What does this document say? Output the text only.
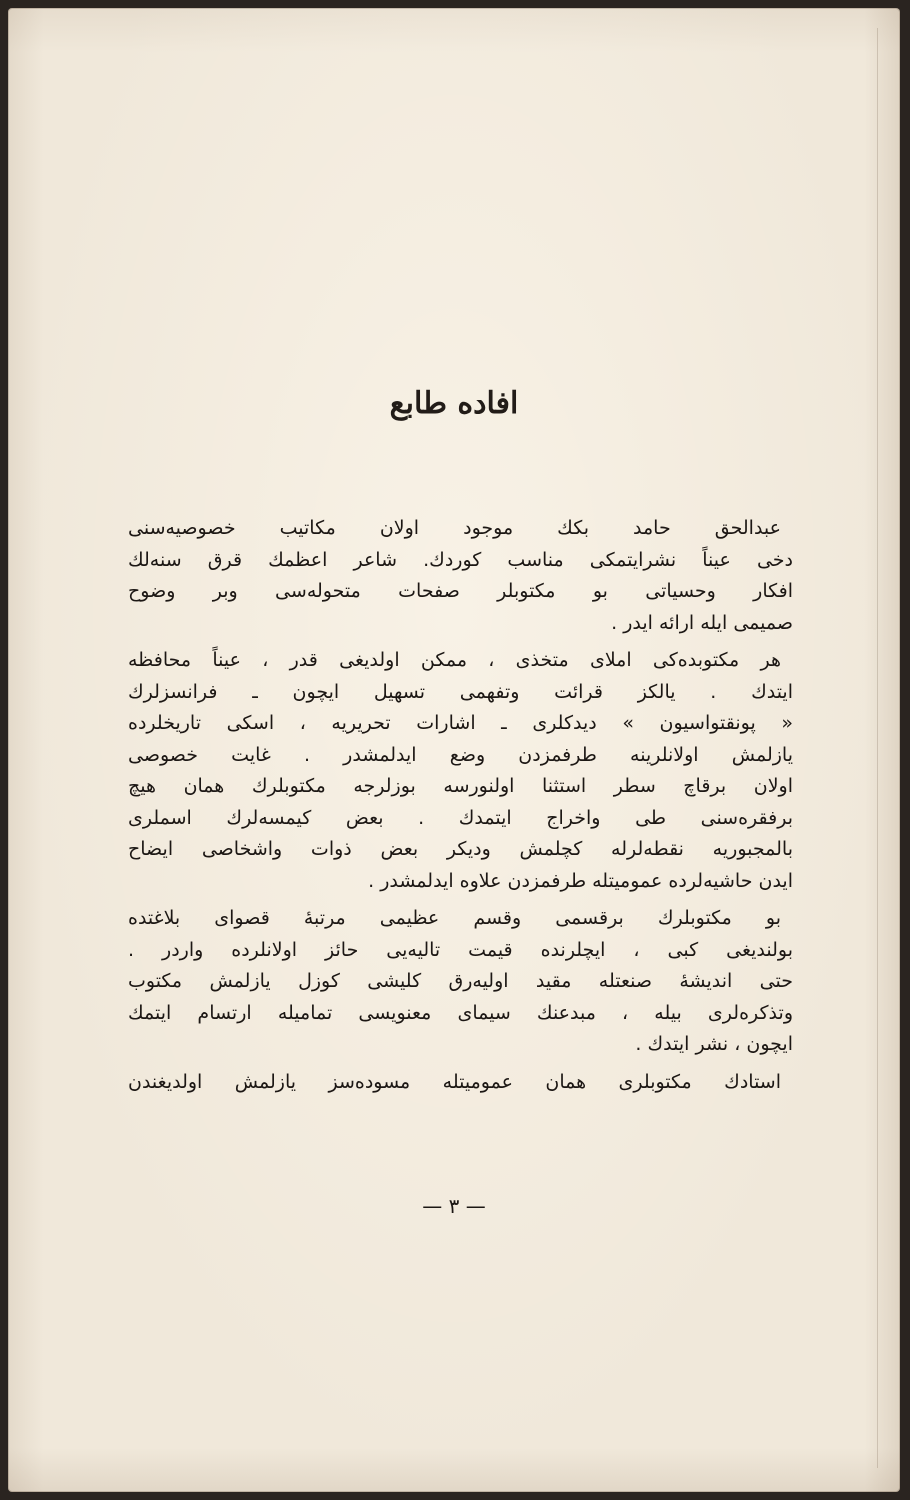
افاده طابع
عبدالحق حامد بكك موجود اولان مكاتيب خصوصيه‌سنى
دخى عيناً نشرايتمكى مناسب كوردك. شاعر اعظمك قرق سنه‌لك
افكار وحسياتى بو مكتوبلر صفحات متحوله‌سى وبر وضوح
صميمى ايله ارائه ايدر .
هر مكتوبده‌كى املاى متخذى ، ممكن اولديغى قدر ، عيناً محافظه
ايتدك . يالكز قرائت وتفهمى تسهيل ايچون ـ فرانسزلرك
« پونقتواسيون » ديدكلرى ـ اشارات تحريريه ، اسكى تاريخلرده
يازلمش اولانلرينه طرفمزدن وضع ايدلمشدر . غايت خصوصى
اولان برقاچ سطر استثنا اولنورسه بوزلرجه مكتوبلرك همان هيچ
برفقره‌سنى طى واخراج ايتمدك . بعض كيمسه‌لرك اسملرى
بالمجبوريه نقطه‌لرله كچلمش وديكر بعض ذوات واشخاصى ايضاح
ايدن حاشيه‌لرده عموميتله طرفمزدن علاوه ايدلمشدر .
بو مكتوبلرك برقسمى وقسم عظيمى مرتبهٔ قصواى بلاغتده
بولنديغى كبى ، ايچلرنده قيمت تاليه‌يى حائز اولانلرده واردر .
حتى انديشهٔ صنعتله مقيد اوليه‌رق كليشى كوزل يازلمش مكتوب
وتذكره‌لرى بيله ، مبدعنك سيماى معنويسى تماميله ارتسام ايتمك
ايچون ، نشر ايتدك .
استادك مكتوبلرى همان عموميتله مسوده‌سز يازلمش اولديغندن
— ٣ —
